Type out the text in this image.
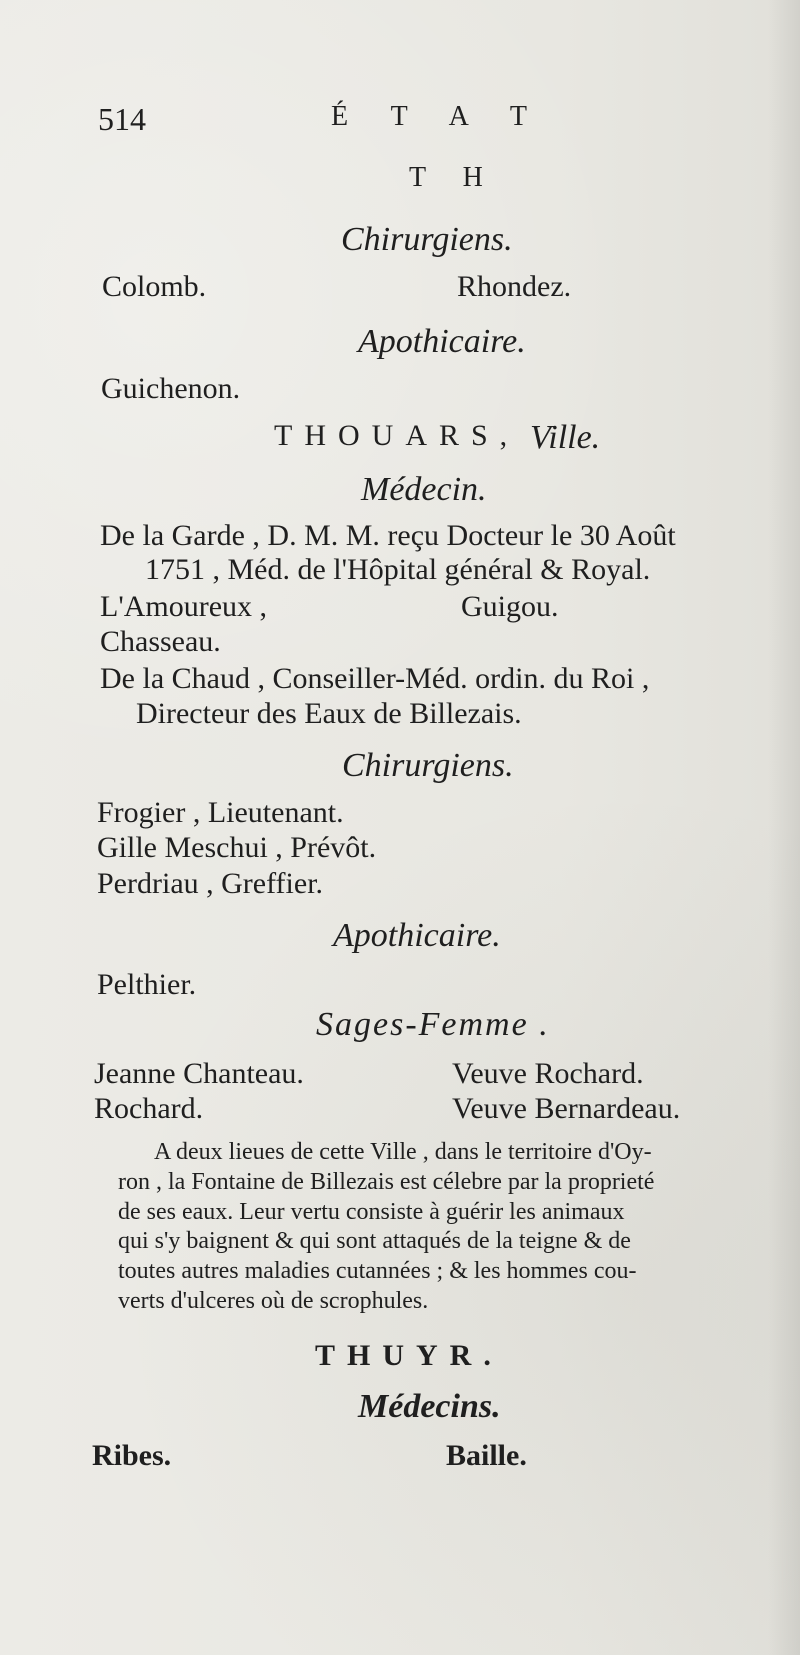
514	É T A T
T H
Chirurgiens.
Colomb.	Rhondez.
Apothicaire.
Guichenon.
THOUARS, Ville.
Médecin.
De la Garde , D. M. M. reçu Docteur le 30 Août
1751 , Méd. de l'Hôpital général & Royal.
L'Amoureux ,	Guigou.
Chasseau.
De la Chaud , Conseiller-Méd. ordin. du Roi ,
Directeur des Eaux de Billezais.
Chirurgiens.
Frogier , Lieutenant.
Gille Meschui , Prévôt.
Perdriau , Greffier.
Apothicaire.
Pelthier.
Sages-Femme .
Jeanne Chanteau.	Veuve Rochard.
Rochard.	Veuve Bernardeau.
A deux lieues de cette Ville , dans le territoire d'Oy-
ron , la Fontaine de Billezais est célebre par la proprieté
de ses eaux. Leur vertu consiste à guérir les animaux
qui s'y baignent & qui sont attaqués de la teigne & de
toutes autres maladies cutannées ; & les hommes cou-
verts d'ulceres où de scrophules.
THUYR.
Médecins.
Ribes.	Baille.
